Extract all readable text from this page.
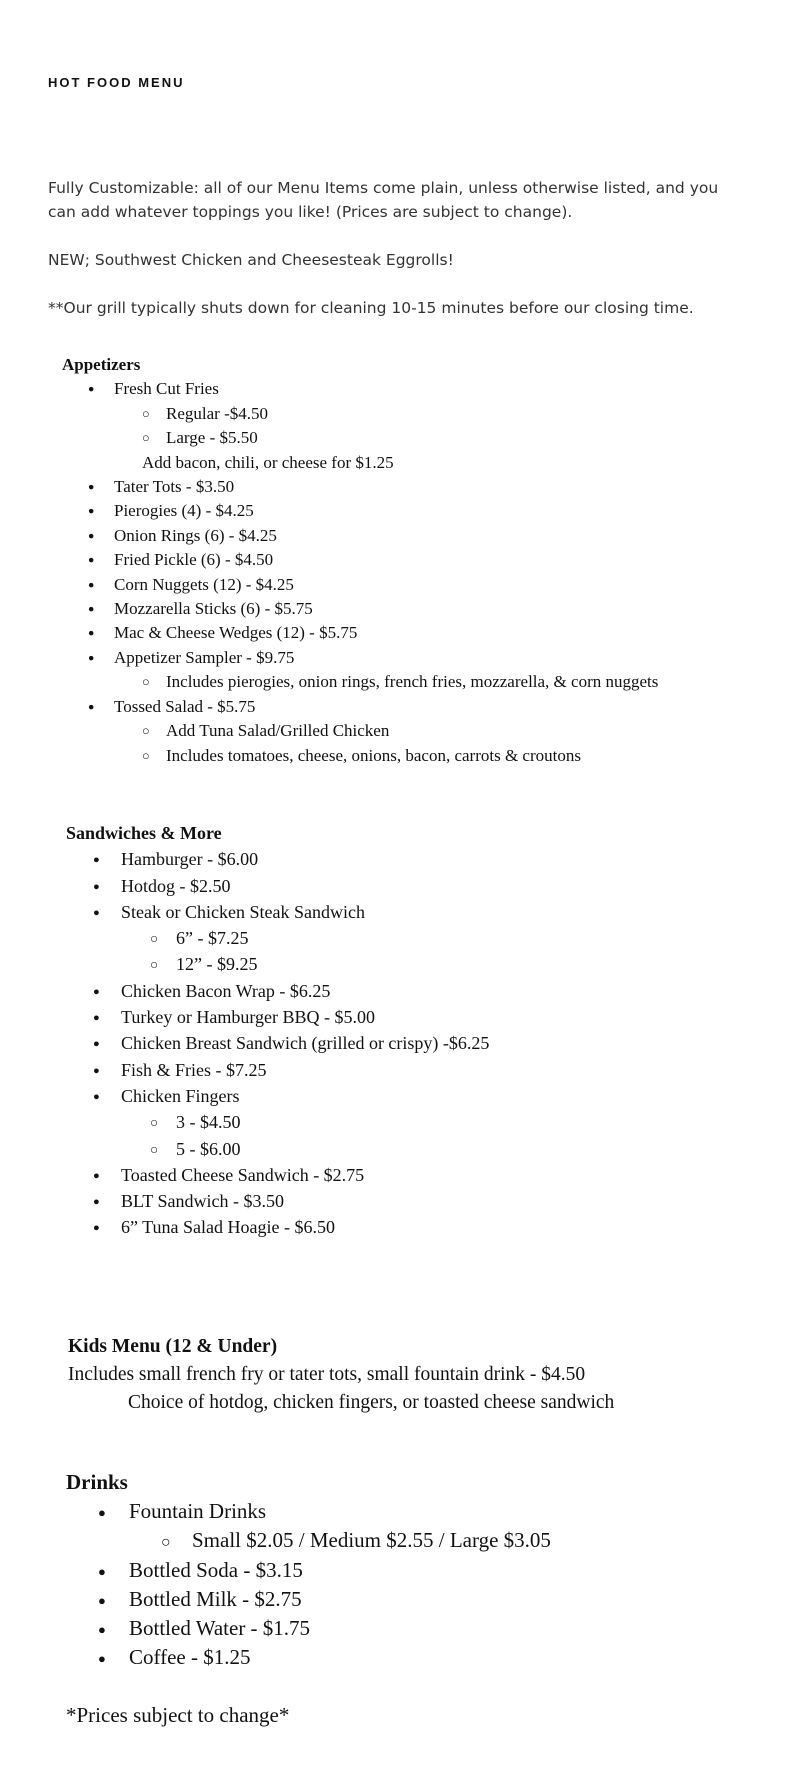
HOT FOOD MENU

Fully Customizable: all of our Menu Items come plain, unless otherwise listed, and you can add whatever toppings you like! (Prices are subject to change).

NEW; Southwest Chicken and Cheesesteak Eggrolls!

**Our grill typically shuts down for cleaning 10-15 minutes before our closing time.

Appetizers
● Fresh Cut Fries
○ Regular -$4.50
○ Large - $5.50
Add bacon, chili, or cheese for $1.25
● Tater Tots - $3.50
● Pierogies (4) - $4.25
● Onion Rings (6) - $4.25
● Fried Pickle (6) - $4.50
● Corn Nuggets (12) - $4.25
● Mozzarella Sticks (6) - $5.75
● Mac & Cheese Wedges (12) - $5.75
● Appetizer Sampler - $9.75
○ Includes pierogies, onion rings, french fries, mozzarella, & corn nuggets
● Tossed Salad - $5.75
○ Add Tuna Salad/Grilled Chicken
○ Includes tomatoes, cheese, onions, bacon, carrots & croutons
Sandwiches & More
● Hamburger - $6.00
● Hotdog - $2.50
● Steak or Chicken Steak Sandwich
○ 6” - $7.25
○ 12” - $9.25
● Chicken Bacon Wrap - $6.25
● Turkey or Hamburger BBQ - $5.00
● Chicken Breast Sandwich (grilled or crispy) -$6.25
● Fish & Fries - $7.25
● Chicken Fingers
○ 3 - $4.50
○ 5 - $6.00
● Toasted Cheese Sandwich - $2.75
● BLT Sandwich - $3.50
● 6” Tuna Salad Hoagie - $6.50
Kids Menu (12 & Under)

Includes small french fry or tater tots, small fountain drink - $4.50

Choice of hotdog, chicken fingers, or toasted cheese sandwich

Drinks
● Fountain Drinks
○ Small $2.05 / Medium $2.55 / Large $3.05
● Bottled Soda - $3.15
● Bottled Milk - $2.75
● Bottled Water - $1.75
● Coffee - $1.25
*Prices subject to change*
